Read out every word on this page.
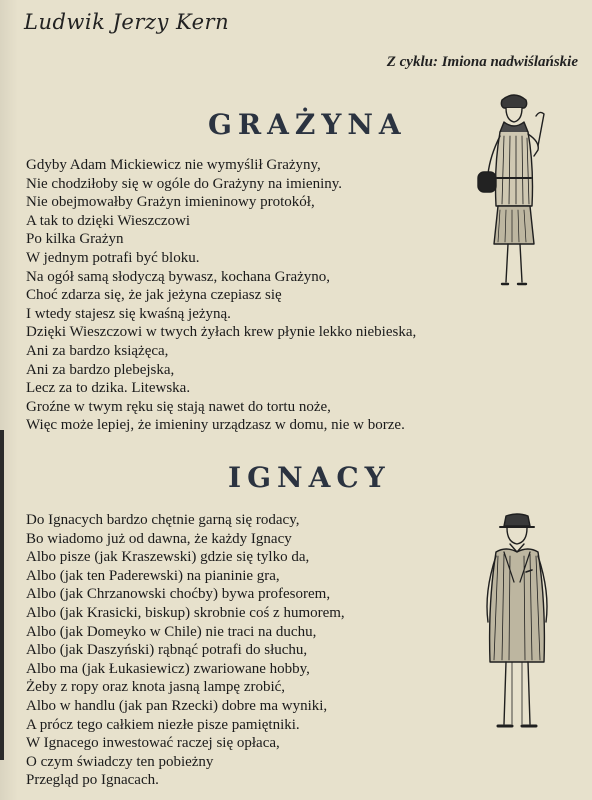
Ludwik Jerzy Kern
Z cyklu: Imiona nadwiślańskie
GRAŻYNA
Gdyby Adam Mickiewicz nie wymyślił Grażyny,
Nie chodziłoby się w ogóle do Grażyny na imieniny.
Nie obejmowałby Grażyn imieninowy protokół,
A tak to dzięki Wieszczowi
Po kilka Grażyn
W jednym potrafi być bloku.
Na ogół samą słodyczą bywasz, kochana Grażyno,
Choć zdarza się, że jak jeżyna czepiasz się
I wtedy stajesz się kwaśną jeżyną.
Dzięki Wieszczowi w twych żyłach krew płynie lekko niebieska,
Ani za bardzo książęca,
Ani za bardzo plebejska,
Lecz za to dzika. Litewska.
Groźne w twym ręku się stają nawet do tortu noże,
Więc może lepiej, że imieniny urządzasz w domu, nie w borze.
IGNACY
Do Ignacych bardzo chętnie garną się rodacy,
Bo wiadomo już od dawna, że każdy Ignacy
Albo pisze (jak Kraszewski) gdzie się tylko da,
Albo (jak ten Paderewski) na pianinie gra,
Albo (jak Chrzanowski choćby) bywa profesorem,
Albo (jak Krasicki, biskup) skrobnie coś z humorem,
Albo (jak Domeyko w Chile) nie traci na duchu,
Albo (jak Daszyński) rąbnąć potrafi do słuchu,
Albo ma (jak Łukasiewicz) zwariowane hobby,
Żeby z ropy oraz knota jasną lampę zrobić,
Albo w handlu (jak pan Rzecki) dobre ma wyniki,
A prócz tego całkiem niezłe pisze pamiętniki.
W Ignacego inwestować raczej się opłaca,
O czym świadczy ten pobieżny
Przegląd po Ignacach.
